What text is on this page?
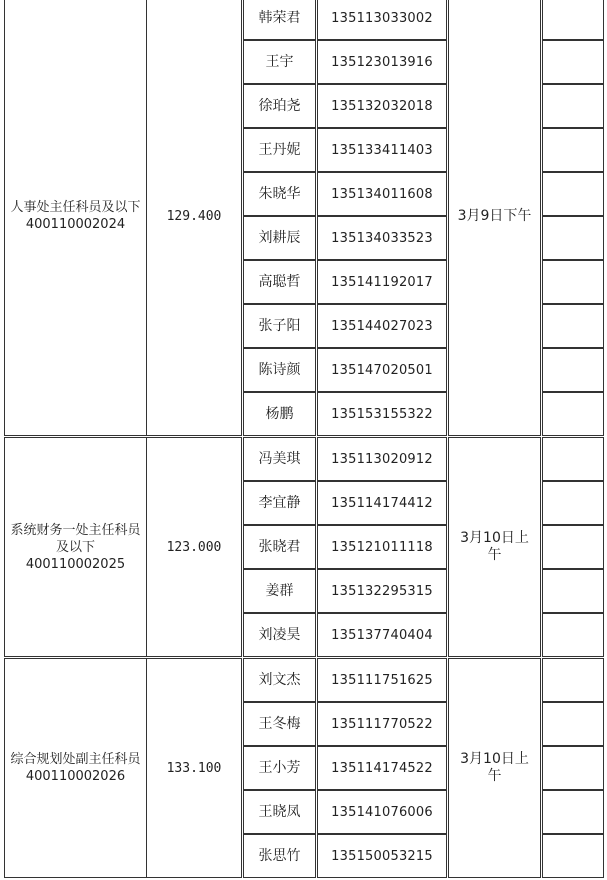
人事处主任科员及以下400110002024
129.400	3月9日下午
韩荣君	135113033002
王宇	135123013916
徐珀尧	135132032018
王丹妮	135133411403
朱晓华	135134011608
刘耕辰	135134033523
高聪哲	135141192017
张子阳	135144027023
陈诗颜	135147020501
杨鹏	135153155322
系统财务一处主任科员及以下400110002025
123.000
3月10日上午
冯美琪	135113020912
李宜静	135114174412
张晓君	135121011118
姜群	135132295315
刘凌昊	135137740404
综合规划处副主任科员400110002026
133.100
3月10日上午
刘文杰	135111751625
王冬梅	135111770522
王小芳	135114174522
王晓凤	135141076006
张思竹	135150053215
